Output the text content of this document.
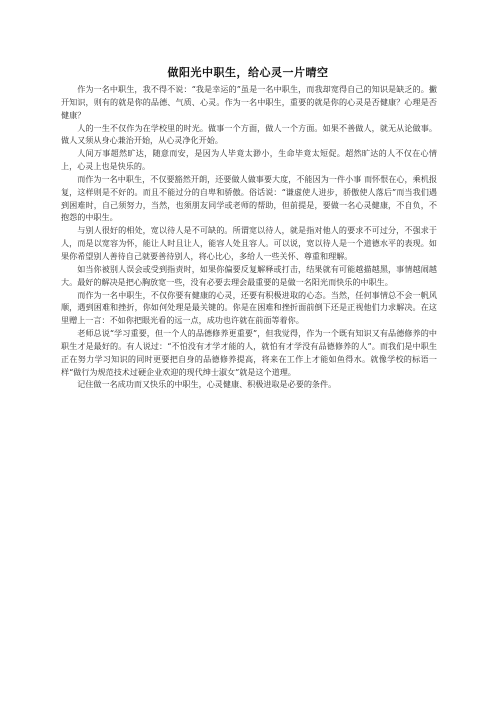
做阳光中职生，给心灵一片晴空

作为一名中职生，我不得不说：“我是幸运的”虽是一名中职生，而我却宽得自己的知识是缺乏的。撇开知识，则有的就是你的品德、气质、心灵。作为一名中职生，重要的就是你的心灵是否健康？心理是否健康？

人的一生不仅作为在学校里的时光。做事一个方面，做人一个方面。如果不善做人，就无从论做事。做人又须从身心兼治开始，从心灵净化开始。

人间万事超然旷达，随意而安，是因为人毕竟太渺小，生命毕竟太短促。超然旷达的人不仅在心情上，心灵上也是快乐的。

而作为一名中职生，不仅要豁然开朗，还要做人做事要大度，不能因为一件小事 而怀恨在心，乘机报复，这样则是不好的。而且不能过分的自卑和骄傲。俗话说：“谦虚使人进步，骄傲使人落后”而当我们遇到困难时，自己须努力，当然，也须朋友同学或老师的帮助，但前提是，要做一名心灵健康，不自负，不抱怨的中职生。

与别人很好的相处，宽以待人是不可缺的。所谓宽以待人，就是指对他人的要求不可过分，不强求于人，而是以宽容为怀，能让人时且让人，能容人处且容人。可以说，宽以待人是一个道德水平的表现。如果你希望别人善待自己就要善待别人，将心比心，多给人一些关怀、尊重和理解。

如当你被别人误会或受到指责时，如果你偏要反复解释或打击，结果就有可能越描越黑，事情越闹越大。最好的解决是把心胸放宽一些，没有必要去理会最重要的是做一名阳光而快乐的中职生。

而作为一名中职生，不仅你要有健康的心灵，还要有积极进取的心态。当然，任何事情总不会一帆风顺，遇到困难和挫折，你如何处理是最关键的。你是在困难和挫折面前倒下还是正视他们力求解决。在这里赠上一言：不如你把眼光看的远一点，成功也许就在前面等着你。

老师总说“学习重要，但一个人的品德修养更重要”，但我觉得，作为一个既有知识又有品德修养的中职生才是最好的。有人说过：“不怕没有才学才能的人，就怕有才学没有品德修养的人”。而我们是中职生正在努力学习知识的同时更要把自身的品德修养提高，将来在工作上才能如鱼得水。就像学校的标语一样“做行为规范技术过硬企业欢迎的现代绅士淑女”就是这个道理。

记住做一名成功而又快乐的中职生，心灵健康、积极进取是必要的条件。
